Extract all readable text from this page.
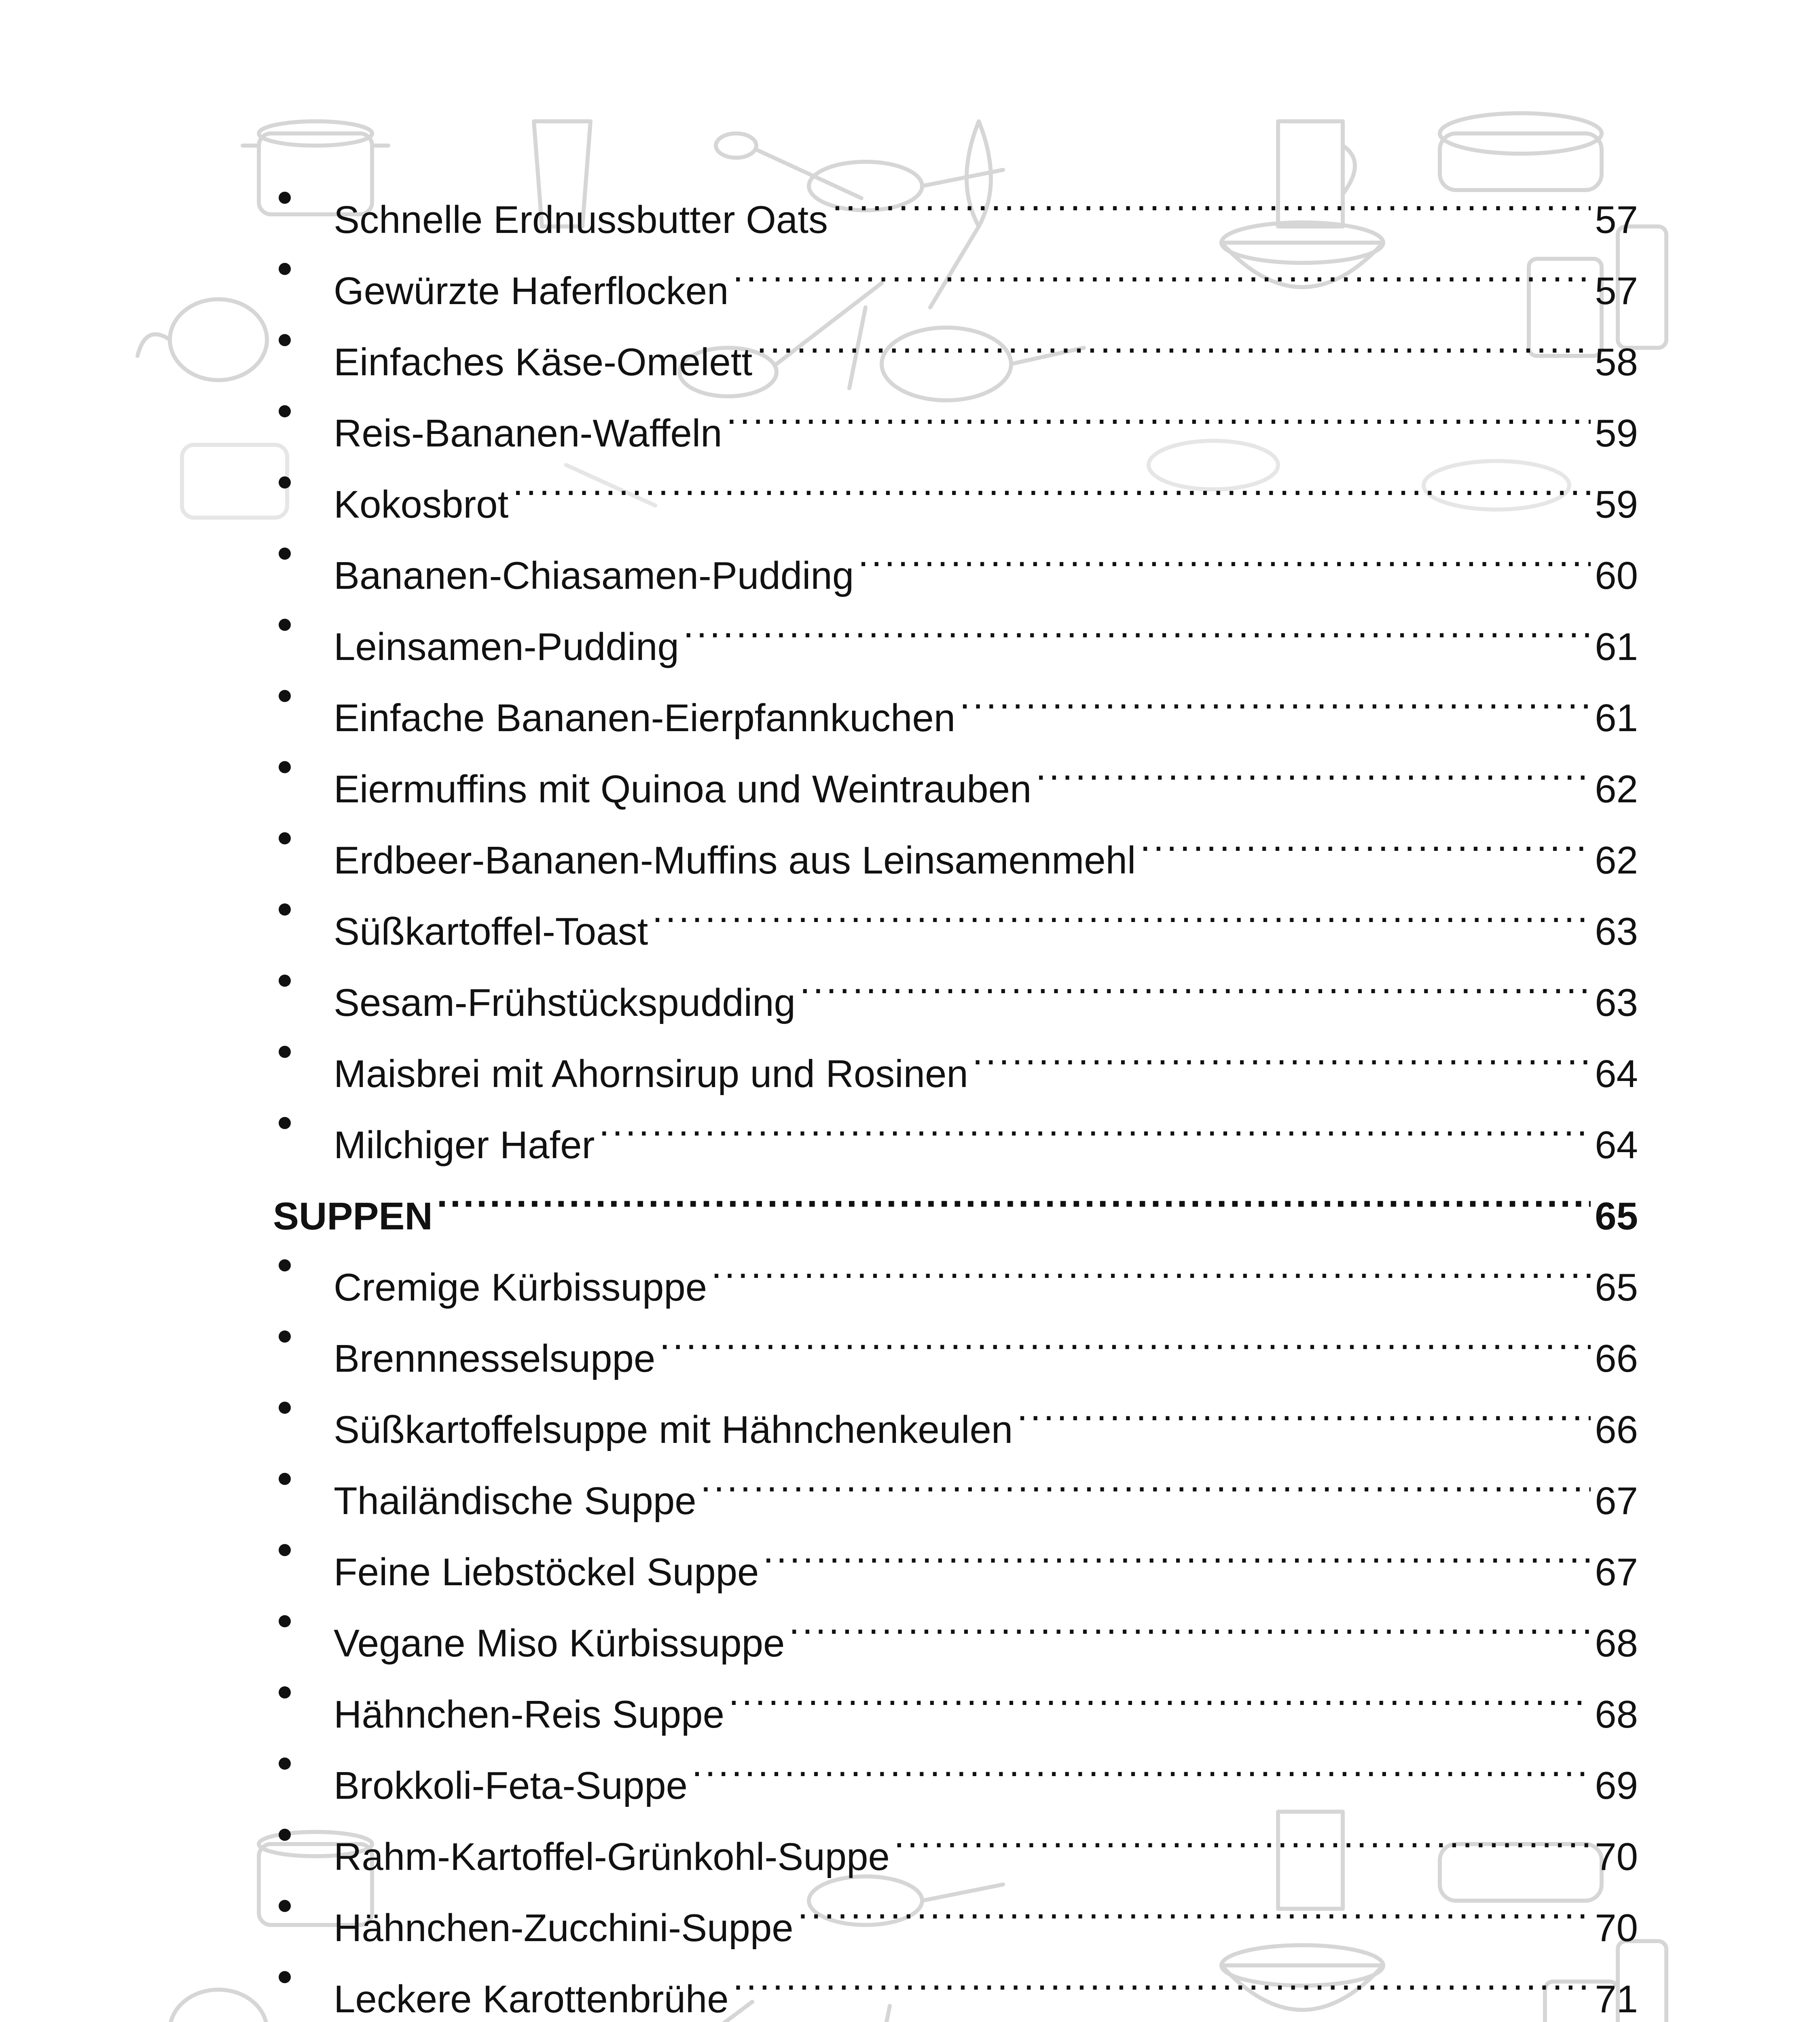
Schnelle Erdnussbutter Oats .....	57
Gewürzte Haferflocken .....	57
Einfaches Käse-Omelett .....	58
Reis-Bananen-Waffeln .....	59
Kokosbrot .....	59
Bananen-Chiasamen-Pudding .....	60
Leinsamen-Pudding .....	61
Einfache Bananen-Eierpfannkuchen .....	61
Eiermuffins mit Quinoa und Weintrauben .....	62
Erdbeer-Bananen-Muffins aus Leinsamenmehl .....	62
Süßkartoffel-Toast .....	63
Sesam-Frühstückspudding .....	63
Maisbrei mit Ahornsirup und Rosinen .....	64
Milchiger Hafer .....	64
SUPPEN .....	65
Cremige Kürbissuppe .....	65
Brennnesselsuppe .....	66
Süßkartoffelsuppe mit Hähnchenkeulen .....	66
Thailändische Suppe .....	67
Feine Liebstöckel Suppe .....	67
Vegane Miso Kürbissuppe .....	68
Hähnchen-Reis Suppe .....	68
Brokkoli-Feta-Suppe .....	69
Rahm-Kartoffel-Grünkohl-Suppe .....	70
Hähnchen-Zucchini-Suppe .....	70
Leckere Karottenbrühe .....	71
